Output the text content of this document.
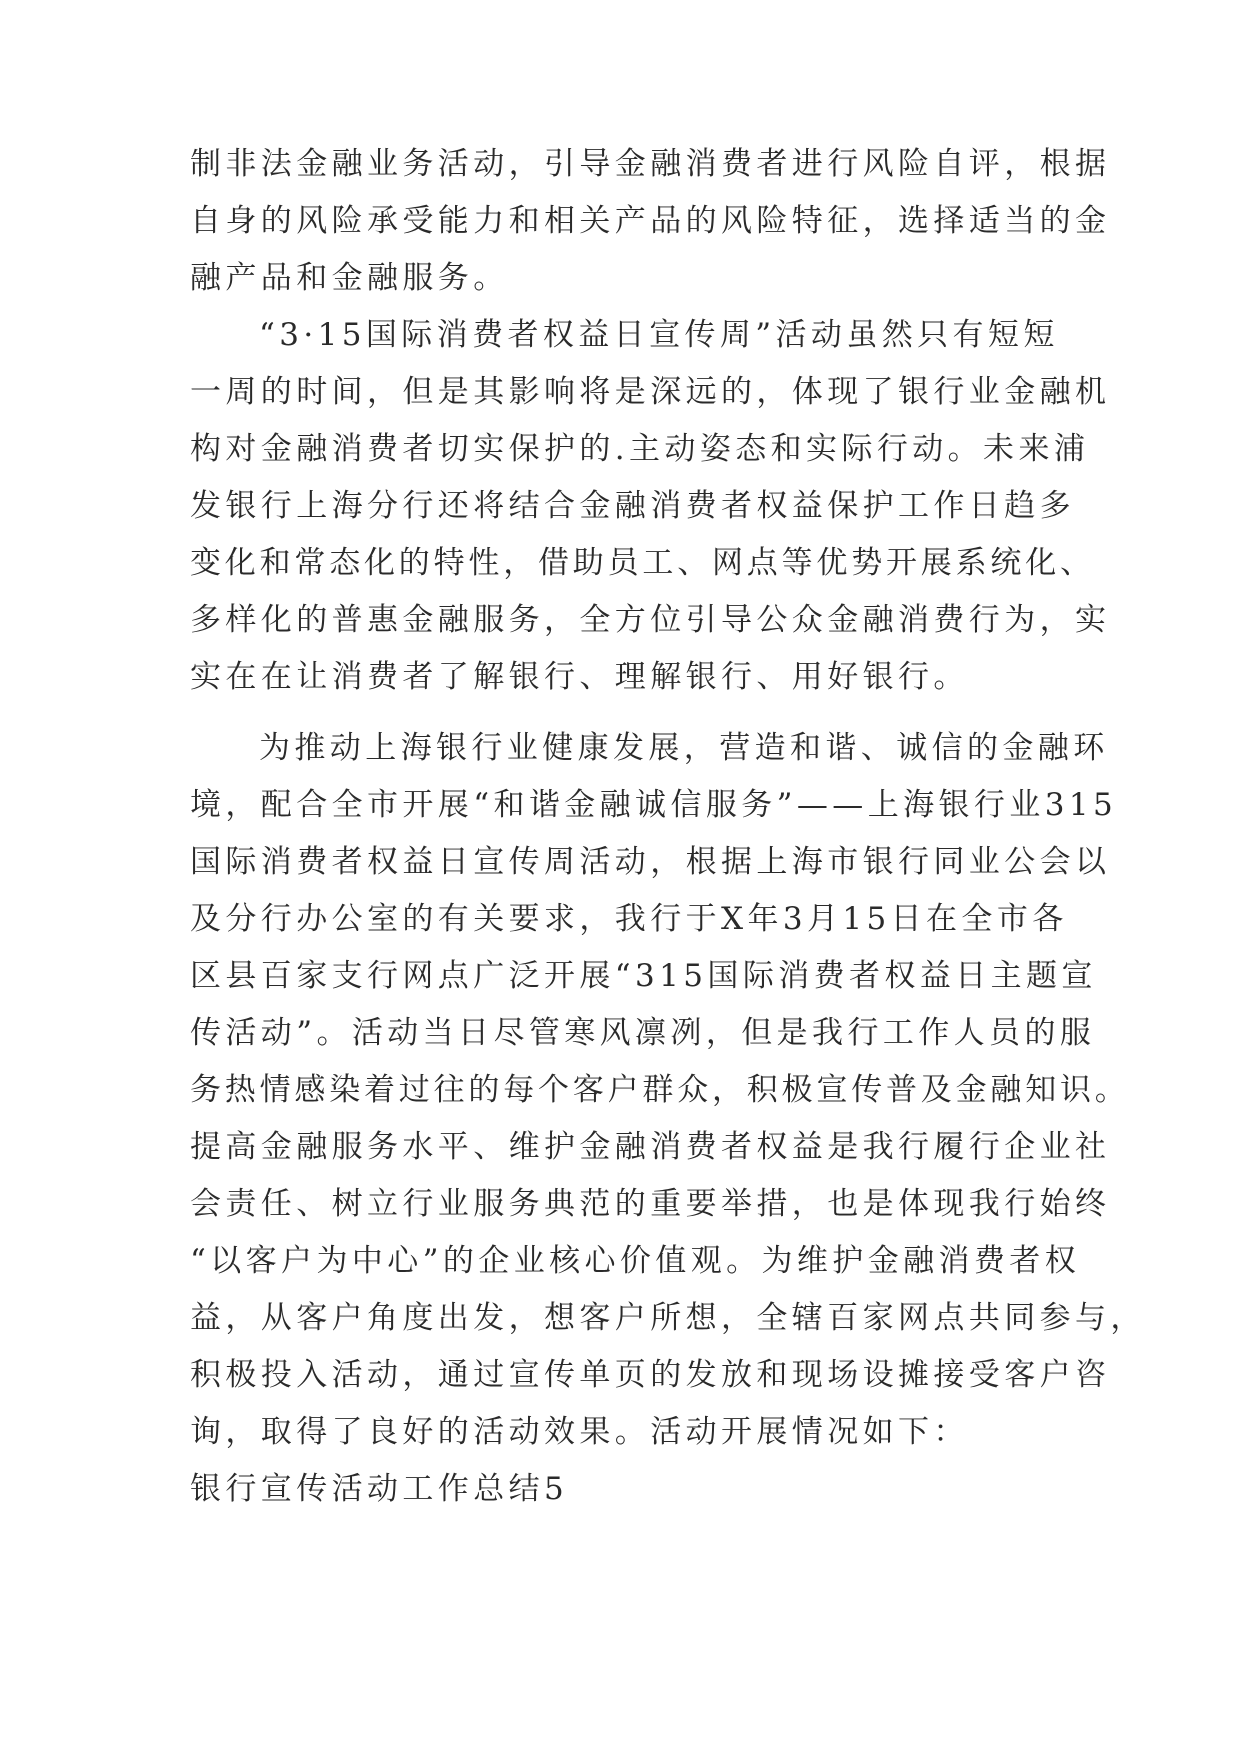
制非法金融业务活动，引导金融消费者进行风险自评，根据
自身的风险承受能力和相关产品的风险特征，选择适当的金
融产品和金融服务。
“3·15国际消费者权益日宣传周”活动虽然只有短短
一周的时间，但是其影响将是深远的，体现了银行业金融机
构对金融消费者切实保护的.主动姿态和实际行动。未来浦
发银行上海分行还将结合金融消费者权益保护工作日趋多
变化和常态化的特性，借助员工、网点等优势开展系统化、
多样化的普惠金融服务，全方位引导公众金融消费行为，实
实在在让消费者了解银行、理解银行、用好银行。
为推动上海银行业健康发展，营造和谐、诚信的金融环
境，配合全市开展“和谐金融诚信服务”——上海银行业315
国际消费者权益日宣传周活动，根据上海市银行同业公会以
及分行办公室的有关要求，我行于X年3月15日在全市各
区县百家支行网点广泛开展“315国际消费者权益日主题宣
传活动”。活动当日尽管寒风凛冽，但是我行工作人员的服
务热情感染着过往的每个客户群众，积极宣传普及金融知识。
提高金融服务水平、维护金融消费者权益是我行履行企业社
会责任、树立行业服务典范的重要举措，也是体现我行始终
“以客户为中心”的企业核心价值观。为维护金融消费者权
益，从客户角度出发，想客户所想，全辖百家网点共同参与，
积极投入活动，通过宣传单页的发放和现场设摊接受客户咨
询，取得了良好的活动效果。活动开展情况如下：
银行宣传活动工作总结5
